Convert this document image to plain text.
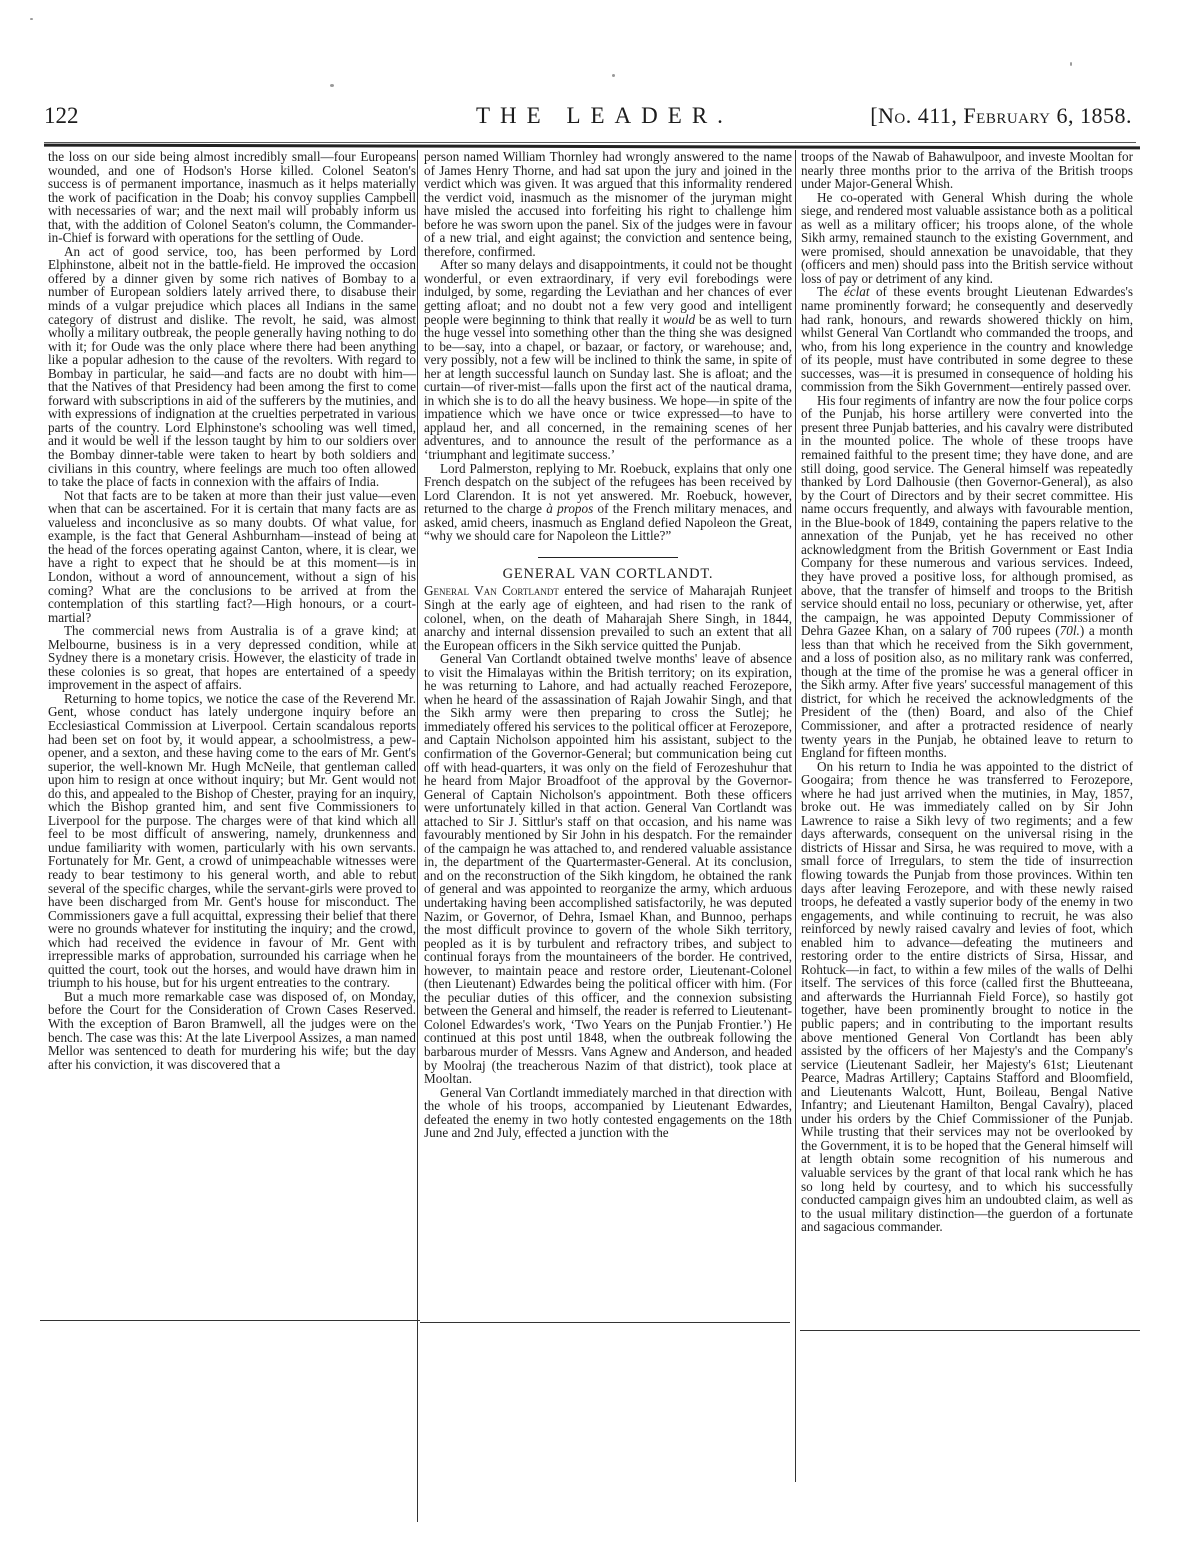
122	THE LEADER.	[No. 411, February 6, 1858.

the loss on our side being almost incredibly small—four Europeans wounded, and one of Hodson's Horse killed. Colonel Seaton's success is of permanent importance, inasmuch as it helps materially the work of pacification in the Doab; his convoy supplies Campbell with necessaries of war; and the next mail will probably inform us that, with the addition of Colonel Seaton's column, the Commander-in-Chief is forward with operations for the settling of Oude.

An act of good service, too, has been performed by Lord Elphinstone, albeit not in the battle-field. He improved the occasion offered by a dinner given by some rich natives of Bombay to a number of European soldiers lately arrived there, to disabuse their minds of a vulgar prejudice which places all Indians in the same category of distrust and dislike. The revolt, he said, was almost wholly a military outbreak, the people generally having nothing to do with it; for Oude was the only place where there had been anything like a popular adhesion to the cause of the revolters. With regard to Bombay in particular, he said—and facts are no doubt with him—that the Natives of that Presidency had been among the first to come forward with subscriptions in aid of the sufferers by the mutinies, and with expressions of indignation at the cruelties perpetrated in various parts of the country. Lord Elphinstone's schooling was well timed, and it would be well if the lesson taught by him to our soldiers over the Bombay dinner-table were taken to heart by both soldiers and civilians in this country, where feelings are much too often allowed to take the place of facts in connexion with the affairs of India.

Not that facts are to be taken at more than their just value—even when that can be ascertained. For it is certain that many facts are as valueless and inconclusive as so many doubts. Of what value, for example, is the fact that General Ashburnham—instead of being at the head of the forces operating against Canton, where, it is clear, we have a right to expect that he should be at this moment—is in London, without a word of announcement, without a sign of his coming? What are the conclusions to be arrived at from the contemplation of this startling fact?—High honours, or a court-martial?

The commercial news from Australia is of a grave kind; at Melbourne, business is in a very depressed condition, while at Sydney there is a monetary crisis. However, the elasticity of trade in these colonies is so great, that hopes are entertained of a speedy improvement in the aspect of affairs.

Returning to home topics, we notice the case of the Reverend Mr. Gent, whose conduct has lately undergone inquiry before an Ecclesiastical Commission at Liverpool. Certain scandalous reports had been set on foot by, it would appear, a schoolmistress, a pew-opener, and a sexton, and these having come to the ears of Mr. Gent's superior, the well-known Mr. Hugh McNeile, that gentleman called upon him to resign at once without inquiry; but Mr. Gent would not do this, and appealed to the Bishop of Chester, praying for an inquiry, which the Bishop granted him, and sent five Commissioners to Liverpool for the purpose. The charges were of that kind which all feel to be most difficult of answering, namely, drunkenness and undue familiarity with women, particularly with his own servants. Fortunately for Mr. Gent, a crowd of unimpeachable witnesses were ready to bear testimony to his general worth, and able to rebut several of the specific charges, while the servant-girls were proved to have been discharged from Mr. Gent's house for misconduct. The Commissioners gave a full acquittal, expressing their belief that there were no grounds whatever for instituting the inquiry; and the crowd, which had received the evidence in favour of Mr. Gent with irrepressible marks of approbation, surrounded his carriage when he quitted the court, took out the horses, and would have drawn him in triumph to his house, but for his urgent entreaties to the contrary.

But a much more remarkable case was disposed of, on Monday, before the Court for the Consideration of Crown Cases Reserved. With the exception of Baron Bramwell, all the judges were on the bench. The case was this: At the late Liverpool Assizes, a man named Mellor was sentenced to death for murdering his wife; but the day after his conviction, it was discovered that a

person named William Thornley had wrongly answered to the name of James Henry Thorne, and had sat upon the jury and joined in the verdict which was given. It was argued that this informality rendered the verdict void, inasmuch as the misnomer of the juryman might have misled the accused into forfeiting his right to challenge him before he was sworn upon the panel. Six of the judges were in favour of a new trial, and eight against; the conviction and sentence being, therefore, confirmed.

After so many delays and disappointments, it could not be thought wonderful, or even extraordinary, if very evil forebodings were indulged, by some, regarding the Leviathan and her chances of ever getting afloat; and no doubt not a few very good and intelligent people were beginning to think that really it would be as well to turn the huge vessel into something other than the thing she was designed to be—say, into a chapel, or bazaar, or factory, or warehouse; and, very possibly, not a few will be inclined to think the same, in spite of her at length successful launch on Sunday last. She is afloat; and the curtain—of river-mist—falls upon the first act of the nautical drama, in which she is to do all the heavy business. We hope—in spite of the impatience which we have once or twice expressed—to have to applaud her, and all concerned, in the remaining scenes of her adventures, and to announce the result of the performance as a ‘triumphant and legitimate success.’

Lord Palmerston, replying to Mr. Roebuck, explains that only one French despatch on the subject of the refugees has been received by Lord Clarendon. It is not yet answered. Mr. Roebuck, however, returned to the charge à propos of the French military menaces, and asked, amid cheers, inasmuch as England defied Napoleon the Great, “why we should care for Napoleon the Little?”

GENERAL VAN CORTLANDT.

General Van Cortlandt entered the service of Maharajah Runjeet Singh at the early age of eighteen, and had risen to the rank of colonel, when, on the death of Maharajah Shere Singh, in 1844, anarchy and internal dissension prevailed to such an extent that all the European officers in the Sikh service quitted the Punjab.

General Van Cortlandt obtained twelve months' leave of absence to visit the Himalayas within the British territory; on its expiration, he was returning to Lahore, and had actually reached Ferozepore, when he heard of the assassination of Rajah Jowahir Singh, and that the Sikh army were then preparing to cross the Sutlej; he immediately offered his services to the political officer at Ferozepore, and Captain Nicholson appointed him his assistant, subject to the confirmation of the Governor-General; but communication being cut off with head-quarters, it was only on the field of Ferozeshuhur that he heard from Major Broadfoot of the approval by the Governor-General of Captain Nicholson's appointment. Both these officers were unfortunately killed in that action. General Van Cortlandt was attached to Sir J. Sittlur's staff on that occasion, and his name was favourably mentioned by Sir John in his despatch. For the remainder of the campaign he was attached to, and rendered valuable assistance in, the department of the Quartermaster-General. At its conclusion, and on the reconstruction of the Sikh kingdom, he obtained the rank of general and was appointed to reorganize the army, which arduous undertaking having been accomplished satisfactorily, he was deputed Nazim, or Governor, of Dehra, Ismael Khan, and Bunnoo, perhaps the most difficult province to govern of the whole Sikh territory, peopled as it is by turbulent and refractory tribes, and subject to continual forays from the mountaineers of the border. He contrived, however, to maintain peace and restore order, Lieutenant-Colonel (then Lieutenant) Edwardes being the political officer with him. (For the peculiar duties of this officer, and the connexion subsisting between the General and himself, the reader is referred to Lieutenant-Colonel Edwardes's work, ‘Two Years on the Punjab Frontier.’) He continued at this post until 1848, when the outbreak following the barbarous murder of Messrs. Vans Agnew and Anderson, and headed by Moolraj (the treacherous Nazim of that district), took place at Mooltan.

General Van Cortlandt immediately marched in that direction with the whole of his troops, accompanied by Lieutenant Edwardes, defeated the enemy in two hotly contested engagements on the 18th June and 2nd July, effected a junction with the

troops of the Nawab of Bahawulpoor, and investe Mooltan for nearly three months prior to the arriva of the British troops under Major-General Whish.

He co-operated with General Whish during the whole siege, and rendered most valuable assistance both as a political as well as a military officer; his troops alone, of the whole Sikh army, remained staunch to the existing Government, and were promised, should annexation be unavoidable, that they (officers and men) should pass into the British service without loss of pay or detriment of any kind.

The éclat of these events brought Lieutenan Edwardes's name prominently forward; he consequently and deservedly had rank, honours, and rewards showered thickly on him, whilst General Van Cortlandt who commanded the troops, and who, from his long experience in the country and knowledge of its people, must have contributed in some degree to these successes, was—it is presumed in consequence of holding his commission from the Sikh Government—entirely passed over.

His four regiments of infantry are now the four police corps of the Punjab, his horse artillery were converted into the present three Punjab batteries, and his cavalry were distributed in the mounted police. The whole of these troops have remained faithful to the present time; they have done, and are still doing, good service. The General himself was repeatedly thanked by Lord Dalhousie (then Governor-General), as also by the Court of Directors and by their secret committee. His name occurs frequently, and always with favourable mention, in the Blue-book of 1849, containing the papers relative to the annexation of the Punjab, yet he has received no other acknowledgment from the British Government or East India Company for these numerous and various services. Indeed, they have proved a positive loss, for although promised, as above, that the transfer of himself and troops to the British service should entail no loss, pecuniary or otherwise, yet, after the campaign, he was appointed Deputy Commissioner of Dehra Gazee Khan, on a salary of 700 rupees (70l.) a month less than that which he received from the Sikh government, and a loss of position also, as no military rank was conferred, though at the time of the promise he was a general officer in the Sikh army. After five years' successful management of this district, for which he received the acknowledgments of the President of the (then) Board, and also of the Chief Commissioner, and after a protracted residence of nearly twenty years in the Punjab, he obtained leave to return to England for fifteen months.

On his return to India he was appointed to the district of Googaira; from thence he was transferred to Ferozepore, where he had just arrived when the mutinies, in May, 1857, broke out. He was immediately called on by Sir John Lawrence to raise a Sikh levy of two regiments; and a few days afterwards, consequent on the universal rising in the districts of Hissar and Sirsa, he was required to move, with a small force of Irregulars, to stem the tide of insurrection flowing towards the Punjab from those provinces. Within ten days after leaving Ferozepore, and with these newly raised troops, he defeated a vastly superior body of the enemy in two engagements, and while continuing to recruit, he was also reinforced by newly raised cavalry and levies of foot, which enabled him to advance—defeating the mutineers and restoring order to the entire districts of Sirsa, Hissar, and Rohtuck—in fact, to within a few miles of the walls of Delhi itself. The services of this force (called first the Bhutteeana, and afterwards the Hurriannah Field Force), so hastily got together, have been prominently brought to notice in the public papers; and in contributing to the important results above mentioned General Von Cortlandt has been ably assisted by the officers of her Majesty's and the Company's service (Lieutenant Sadleir, her Majesty's 61st; Lieutenant Pearce, Madras Artillery; Captains Stafford and Bloomfield, and Lieutenants Walcott, Hunt, Boileau, Bengal Native Infantry; and Lieutenant Hamilton, Bengal Cavalry), placed under his orders by the Chief Commissioner of the Punjab. While trusting that their services may not be overlooked by the Government, it is to be hoped that the General himself will at length obtain some recognition of his numerous and valuable services by the grant of that local rank which he has so long held by courtesy, and to which his successfully conducted campaign gives him an undoubted claim, as well as to the usual military distinction—the guerdon of a fortunate and sagacious commander.
